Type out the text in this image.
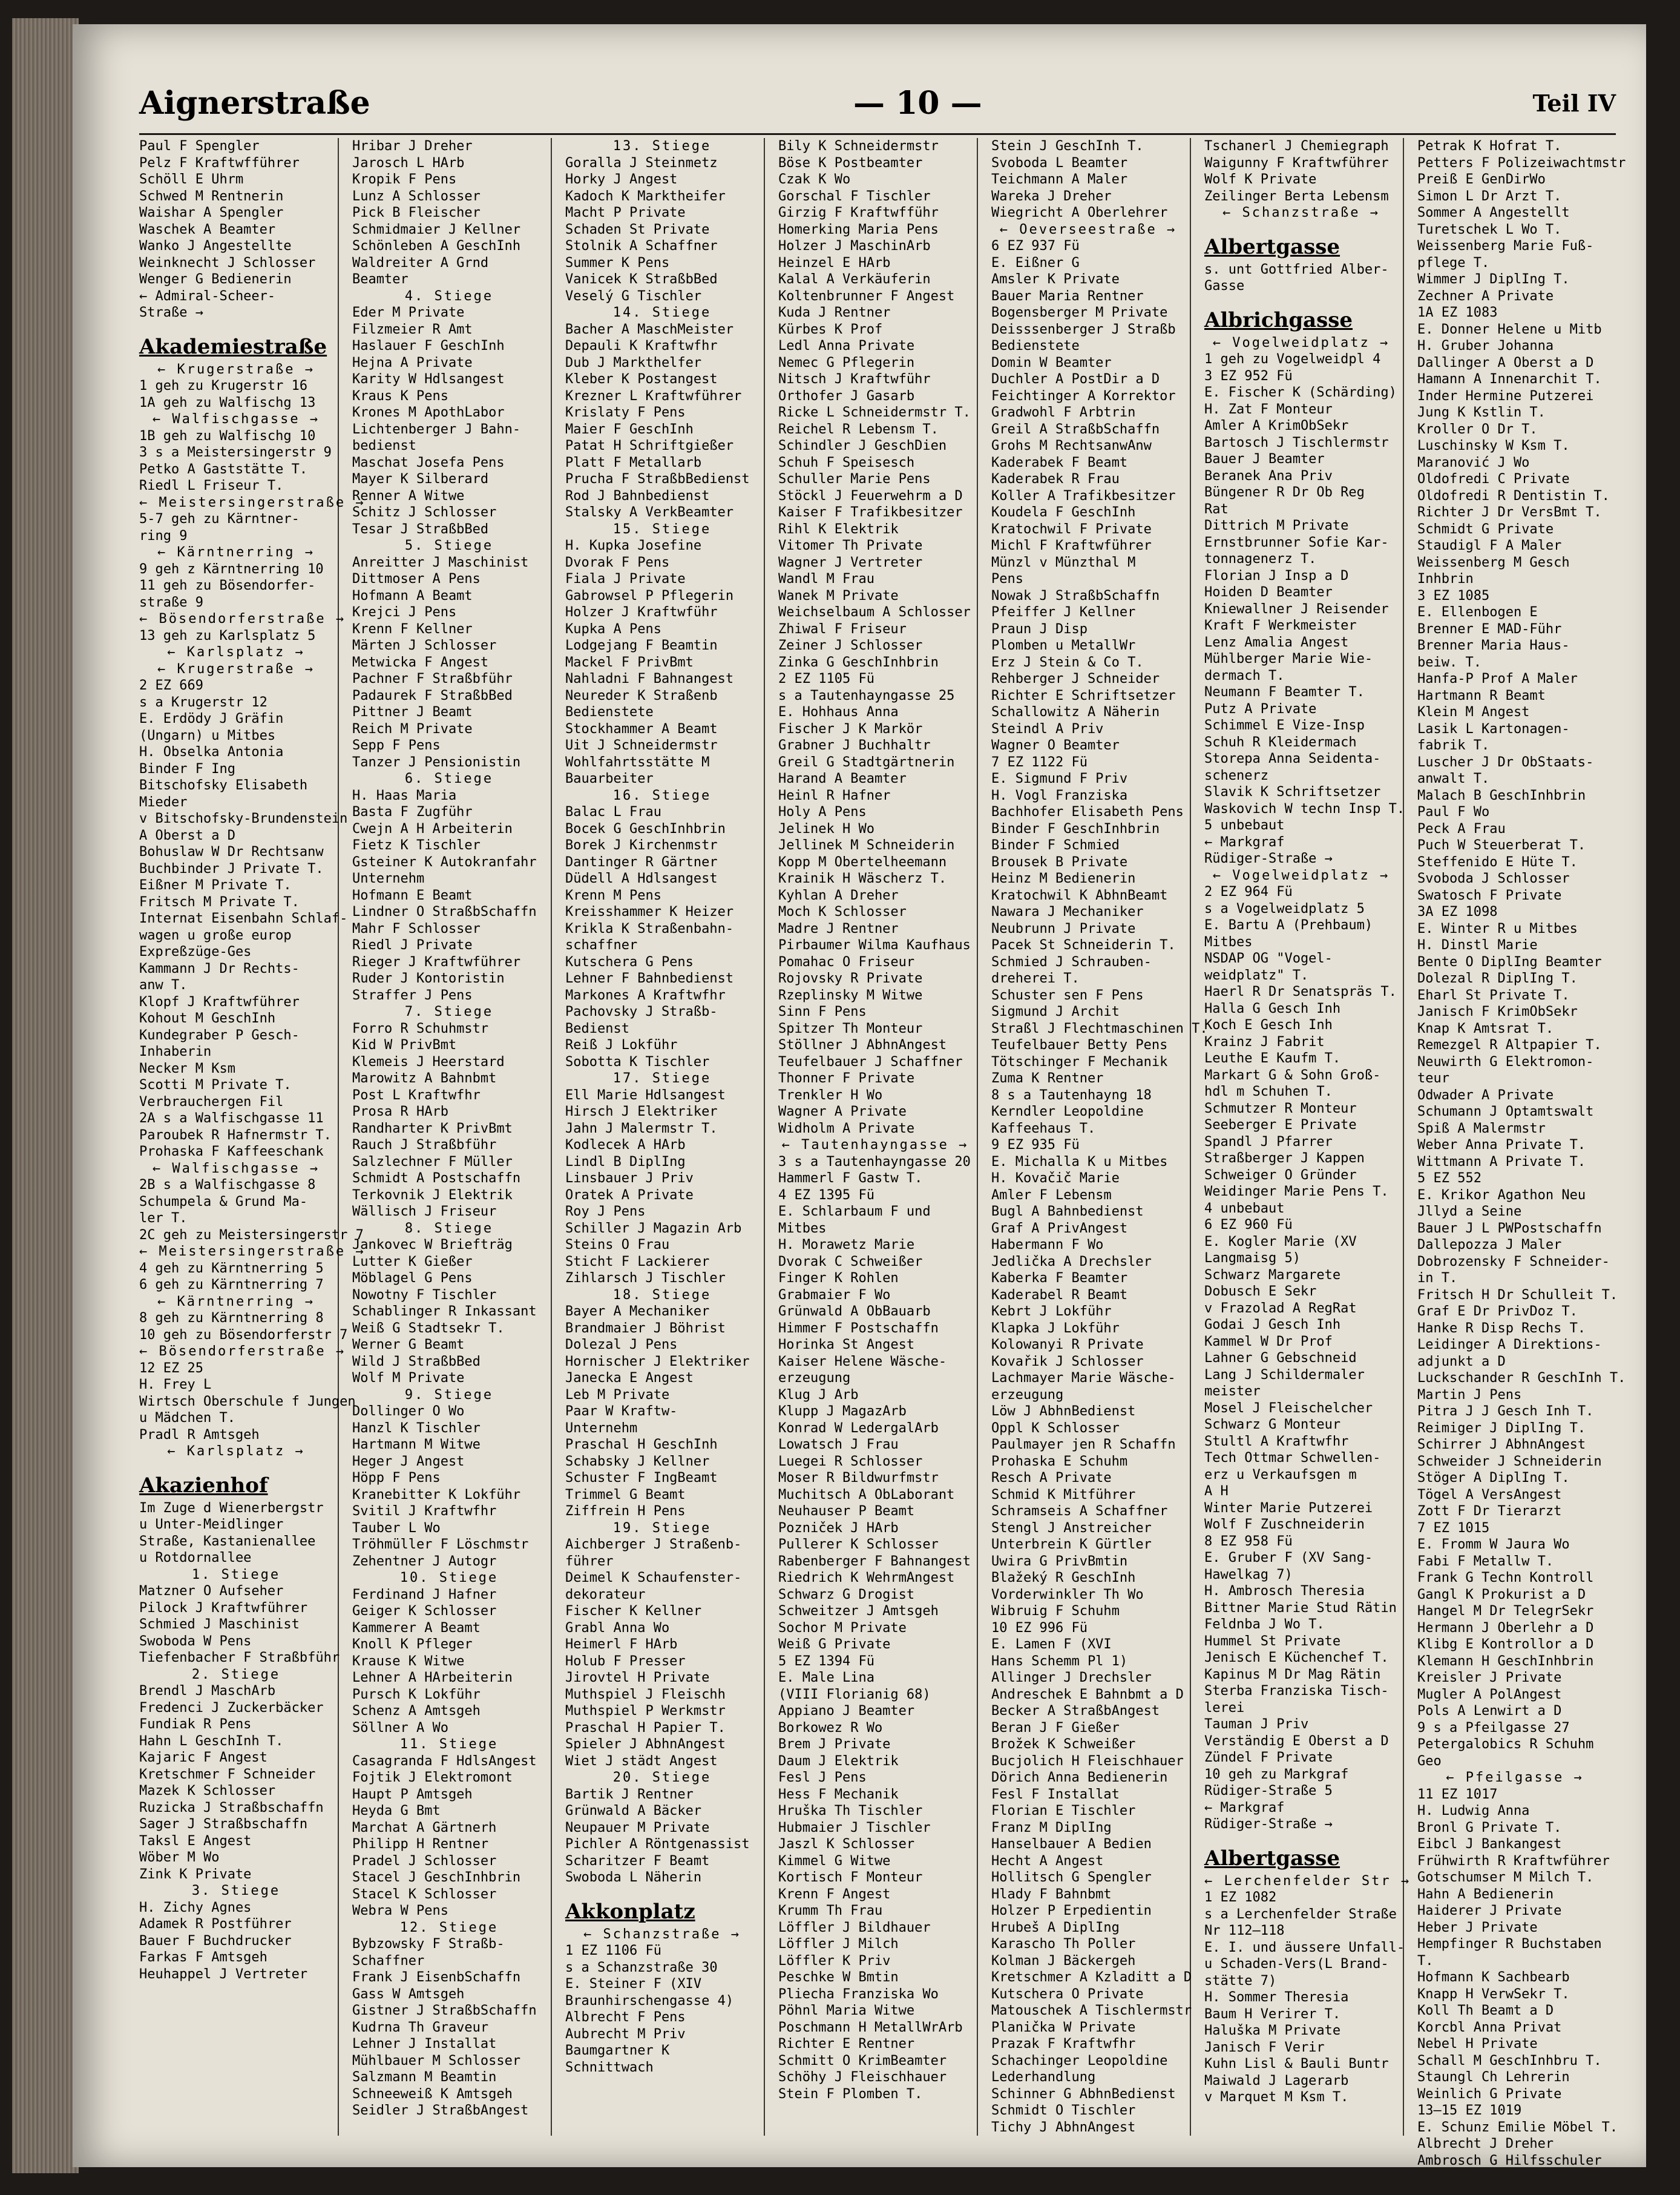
Aignerstraße	— 10 —	Teil IV
Paul F Spengler
Pelz F Kraftwfführer
Schöll E Uhrm
Schwed M Rentnerin
Waishar A Spengler
Waschek A Beamter
Wanko J Angestellte
Weinknecht J Schlosser
Wenger G Bedienerin
← Admiral-Scheer-
Straße →
Akademiestraße
← Krugerstraße →
1 geh zu Krugerstr 16
1A geh zu Walfischg 13
← Walfischgasse →
1B geh zu Walfischg 10
3 s a Meistersingerstr 9
Petko A Gaststätte T.
Riedl L Friseur T.
← Meistersingerstraße →
5-7 geh zu Kärntner-
ring 9
← Kärntnerring →
9 geh z Kärntnerring 10
11 geh zu Bösendorfer-
straße 9
← Bösendorferstraße →
13 geh zu Karlsplatz 5
← Karlsplatz →
← Krugerstraße →
2 EZ 669
s a Krugerstr 12
E. Erdödy J Gräfin
(Ungarn) u Mitbes
H. Obselka Antonia
Binder F Ing
Bitschofsky Elisabeth
Mieder
v Bitschofsky-Brundenstein
A Oberst a D
Bohuslaw W Dr Rechtsanw
Buchbinder J Private T.
Eißner M Private T.
Fritsch M Private T.
Internat Eisenbahn Schlaf-
wagen u große europ
Expreßzüge-Ges
Kammann J Dr Rechts-
anw T.
Klopf J Kraftwführer
Kohout M GeschInh
Kundegraber P Gesch-
Inhaberin
Necker M Ksm
Scotti M Private T.
Verbrauchergen Fil
2A s a Walfischgasse 11
Paroubek R Hafnermstr T.
Prohaska F Kaffeeschank
← Walfischgasse →
2B s a Walfischgasse 8
Schumpela & Grund Ma-
ler T.
2C geh zu Meistersingerstr 7
← Meistersingerstraße →
4 geh zu Kärntnerring 5
6 geh zu Kärntnerring 7
← Kärntnerring →
8 geh zu Kärntnerring 8
10 geh zu Bösendorferstr 7
← Bösendorferstraße →
12 EZ 25
H. Frey L
Wirtsch Oberschule f Jungen
u Mädchen T.
Pradl R Amtsgeh
← Karlsplatz →
Akazienhof
Im Zuge d Wienerbergstr
u Unter-Meidlinger
Straße, Kastanienallee
u Rotdornallee
1. Stiege
Matzner O Aufseher
Pilock J Kraftwführer
Schmied J Maschinist
Swoboda W Pens
Tiefenbacher F Straßbführ
2. Stiege
Brendl J MaschArb
Fredenci J Zuckerbäcker
Fundiak R Pens
Hahn L GeschInh T.
Kajaric F Angest
Kretschmer F Schneider
Mazek K Schlosser
Ruzicka J Straßbschaffn
Sager J Straßbschaffn
Taksl E Angest
Wöber M Wo
Zink K Private
3. Stiege
H. Zichy Agnes
Adamek R Postführer
Bauer F Buchdrucker
Farkas F Amtsgeh
Heuhappel J Vertreter
Hribar J Dreher
Jarosch L HArb
Kropik F Pens
Lunz A Schlosser
Pick B Fleischer
Schmidmaier J Kellner
Schönleben A GeschInh
Waldreiter A Grnd
Beamter
4. Stiege
Eder M Private
Filzmeier R Amt
Haslauer F GeschInh
Hejna A Private
Karity W Hdlsangest
Kraus K Pens
Krones M ApothLabor
Lichtenberger J Bahn-
bedienst
Maschat Josefa Pens
Mayer K Silberard
Renner A Witwe
Schitz J Schlosser
Tesar J StraßbBed
5. Stiege
Anreitter J Maschinist
Dittmoser A Pens
Hofmann A Beamt
Krejci J Pens
Krenn F Kellner
Märten J Schlosser
Metwicka F Angest
Pachner F Straßbführ
Padaurek F StraßbBed
Pittner J Beamt
Reich M Private
Sepp F Pens
Tanzer J Pensionistin
6. Stiege
H. Haas Maria
Basta F Zugführ
Cwejn A H Arbeiterin
Fietz K Tischler
Gsteiner K Autokranfahr
Unternehm
Hofmann E Beamt
Lindner O StraßbSchaffn
Mahr F Schlosser
Riedl J Private
Rieger J Kraftwführer
Ruder J Kontoristin
Straffer J Pens
7. Stiege
Forro R Schuhmstr
Kid W PrivBmt
Klemeis J Heerstard
Marowitz A Bahnbmt
Post L Kraftwfhr
Prosa R HArb
Randharter K PrivBmt
Rauch J Straßbführ
Salzlechner F Müller
Schmidt A Postschaffn
Terkovnik J Elektrik
Wällisch J Friseur
8. Stiege
Jankovec W Briefträg
Lutter K Gießer
Möblagel G Pens
Nowotny F Tischler
Schablinger R Inkassant
Weiß G Stadtsekr T.
Werner G Beamt
Wild J StraßbBed
Wolf M Private
9. Stiege
Dollinger O Wo
Hanzl K Tischler
Hartmann M Witwe
Heger J Angest
Höpp F Pens
Kranebitter K Lokführ
Svitil J Kraftwfhr
Tauber L Wo
Tröhmüller F Löschmstr
Zehentner J Autogr
10. Stiege
Ferdinand J Hafner
Geiger K Schlosser
Kammerer A Beamt
Knoll K Pfleger
Krause K Witwe
Lehner A HArbeiterin
Pursch K Lokführ
Schenz A Amtsgeh
Söllner A Wo
11. Stiege
Casagranda F HdlsAngest
Fojtik J Elektromont
Haupt P Amtsgeh
Heyda G Bmt
Marchat A Gärtnerh
Philipp H Rentner
Pradel J Schlosser
Stacel J GeschInhbrin
Stacel K Schlosser
Webra W Pens
12. Stiege
Bybzowsky F Straßb-
Schaffner
Frank J EisenbSchaffn
Gass W Amtsgeh
Gistner J StraßbSchaffn
Kudrna Th Graveur
Lehner J Installat
Mühlbauer M Schlosser
Salzmann M Beamtin
Schneeweiß K Amtsgeh
Seidler J StraßbAngest
13. Stiege
Goralla J Steinmetz
Horky J Angest
Kadoch K Marktheifer
Macht P Private
Schaden St Private
Stolnik A Schaffner
Summer K Pens
Vanicek K StraßbBed
Veselý G Tischler
14. Stiege
Bacher A MaschMeister
Depauli K Kraftwfhr
Dub J Markthelfer
Kleber K Postangest
Krezner L Kraftwführer
Krislaty F Pens
Maier F GeschInh
Patat H Schriftgießer
Platt F Metallarb
Prucha F StraßbBedienst
Rod J Bahnbedienst
Stalsky A VerkBeamter
15. Stiege
H. Kupka Josefine
Dvorak F Pens
Fiala J Private
Gabrowsel P Pflegerin
Holzer J Kraftwführ
Kupka A Pens
Lodgejang F Beamtin
Mackel F PrivBmt
Nahladni F Bahnangest
Neureder K Straßenb
Bedienstete
Stockhammer A Beamt
Uit J Schneidermstr
Wohlfahrtsstätte M
Bauarbeiter
16. Stiege
Balac L Frau
Bocek G GeschInhbrin
Borek J Kirchenmstr
Dantinger R Gärtner
Düdell A Hdlsangest
Krenn M Pens
Kreisshammer K Heizer
Krikla K Straßenbahn-
schaffner
Kutschera G Pens
Lehner F Bahnbedienst
Markones A Kraftwfhr
Pachovsky J Straßb-
Bedienst
Reiß J Lokführ
Sobotta K Tischler
17. Stiege
Ell Marie Hdlsangest
Hirsch J Elektriker
Jahn J Malermstr T.
Kodlecek A HArb
Lindl B DiplIng
Linsbauer J Priv
Oratek A Private
Roy J Pens
Schiller J Magazin Arb
Steins O Frau
Sticht F Lackierer
Zihlarsch J Tischler
18. Stiege
Bayer A Mechaniker
Brandmaier J Böhrist
Dolezal J Pens
Hornischer J Elektriker
Janecka E Angest
Leb M Private
Paar W Kraftw-
Unternehm
Praschal H GeschInh
Schabsky J Kellner
Schuster F IngBeamt
Trimmel G Beamt
Ziffrein H Pens
19. Stiege
Aichberger J Straßenb-
führer
Deimel K Schaufenster-
dekorateur
Fischer K Kellner
Grabl Anna Wo
Heimerl F HArb
Holub F Presser
Jirovtel H Private
Muthspiel J Fleischh
Muthspiel P Werkmstr
Praschal H Papier T.
Spieler J AbhnAngest
Wiet J städt Angest
20. Stiege
Bartik J Rentner
Grünwald A Bäcker
Neupauer M Private
Pichler A Röntgenassist
Scharitzer F Beamt
Swoboda L Näherin
Akkonplatz
← Schanzstraße →
1 EZ 1106 Fü
s a Schanzstraße 30
E. Steiner F (XIV
Braunhirschengasse 4)
Albrecht F Pens
Aubrecht M Priv
Baumgartner K
Schnittwach
Bily K Schneidermstr
Böse K Postbeamter
Czak K Wo
Gorschal F Tischler
Girzig F Kraftwfführ
Homerking Maria Pens
Holzer J MaschinArb
Heinzel E HArb
Kalal A Verkäuferin
Koltenbrunner F Angest
Kuda J Rentner
Kürbes K Prof
Ledl Anna Private
Nemec G Pflegerin
Nitsch J Kraftwführ
Orthofer J Gasarb
Ricke L Schneidermstr T.
Reichel R Lebensm T.
Schindler J GeschDien
Schuh F Speisesch
Schuller Marie Pens
Stöckl J Feuerwehrm a D
Kaiser F Trafikbesitzer
Rihl K Elektrik
Vitomer Th Private
Wagner J Vertreter
Wandl M Frau
Wanek M Private
Weichselbaum A Schlosser
Zhiwal F Friseur
Zeiner J Schlosser
Zinka G GeschInhbrin
2 EZ 1105 Fü
s a Tautenhayngasse 25
E. Hohhaus Anna
Fischer J K Markör
Grabner J Buchhaltr
Greil G Stadtgärtnerin
Harand A Beamter
Heinl R Hafner
Holy A Pens
Jelinek H Wo
Jellinek M Schneiderin
Kopp M Obertelheemann
Krainik H Wäscherz T.
Kyhlan A Dreher
Moch K Schlosser
Madre J Rentner
Pirbaumer Wilma Kaufhaus
Pomahac O Friseur
Rojovsky R Private
Rzeplinsky M Witwe
Sinn F Pens
Spitzer Th Monteur
Stöllner J AbhnAngest
Teufelbauer J Schaffner
Thonner F Private
Trenkler H Wo
Wagner A Private
Widholm A Private
← Tautenhayngasse →
3 s a Tautenhayngasse 20
Hammerl F Gastw T.
4 EZ 1395 Fü
E. Schlarbaum F und
Mitbes
H. Morawetz Marie
Dvorak C Schweißer
Finger K Rohlen
Grabmaier F Wo
Grünwald A ObBauarb
Himmer F Postschaffn
Horinka St Angest
Kaiser Helene Wäsche-
erzeugung
Klug J Arb
Klupp J MagazArb
Konrad W LedergalArb
Lowatsch J Frau
Luegei R Schlosser
Moser R Bildwurfmstr
Muchitsch A ObLaborant
Neuhauser P Beamt
Pozniček J HArb
Pullerer K Schlosser
Rabenberger F Bahnangest
Riedrich K WehrmAngest
Schwarz G Drogist
Schweitzer J Amtsgeh
Sochor M Private
Weiß G Private
5 EZ 1394 Fü
E. Male Lina
(VIII Florianig 68)
Appiano J Beamter
Borkowez R Wo
Brem J Private
Daum J Elektrik
Fesl J Pens
Hess F Mechanik
Hruška Th Tischler
Hubmaier J Tischler
Jaszl K Schlosser
Kimmel G Witwe
Kortisch F Monteur
Krenn F Angest
Krumm Th Frau
Löffler J Bildhauer
Löffler J Milch
Löffler K Priv
Peschke W Bmtin
Pliecha Franziska Wo
Pöhnl Maria Witwe
Poschmann H MetallWrArb
Richter E Rentner
Schmitt O KrimBeamter
Schöhy J Fleischhauer
Stein F Plomben T.
Stein J GeschInh T.
Svoboda L Beamter
Teichmann A Maler
Wareka J Dreher
Wiegricht A Oberlehrer
← Oeverseestraße →
6 EZ 937 Fü
E. Eißner G
Amsler K Private
Bauer Maria Rentner
Bogensberger M Private
Deisssenberger J Straßb
Bedienstete
Domin W Beamter
Duchler A PostDir a D
Feichtinger A Korrektor
Gradwohl F Arbtrin
Greil A StraßbSchaffn
Grohs M RechtsanwAnw
Kaderabek F Beamt
Kaderabek R Frau
Koller A Trafikbesitzer
Koudela F GeschInh
Kratochwil F Private
Michl F Kraftwführer
Münzl v Münzthal M
Pens
Nowak J StraßbSchaffn
Pfeiffer J Kellner
Praun J Disp
Plomben u MetallWr
Erz J Stein & Co T.
Rehberger J Schneider
Richter E Schriftsetzer
Schallowitz A Näherin
Steindl A Priv
Wagner O Beamter
7 EZ 1122 Fü
E. Sigmund F Priv
H. Vogl Franziska
Bachhofer Elisabeth Pens
Binder F GeschInhbrin
Binder F Schmied
Brousek B Private
Heinz M Bedienerin
Kratochwil K AbhnBeamt
Nawara J Mechaniker
Neubrunn J Private
Pacek St Schneiderin T.
Schmied J Schrauben-
dreherei T.
Schuster sen F Pens
Sigmund J Archit
Straßl J Flechtmaschinen T.
Teufelbauer Betty Pens
Tötschinger F Mechanik
Zuma K Rentner
8 s a Tautenhayng 18
Kerndler Leopoldine
Kaffeehaus T.
9 EZ 935 Fü
E. Michalla K u Mitbes
H. Kovačič Marie
Amler F Lebensm
Bugl A Bahnbedienst
Graf A PrivAngest
Habermann F Wo
Jedlička A Drechsler
Kaberka F Beamter
Kaderabel R Beamt
Kebrt J Lokführ
Klapka J Lokführ
Kolowanyi R Private
Kovařik J Schlosser
Lachmayer Marie Wäsche-
erzeugung
Löw J AbhnBedienst
Oppl K Schlosser
Paulmayer jen R Schaffn
Prohaska E Schuhm
Resch A Private
Schmid K Mitführer
Schramseis A Schaffner
Stengl J Anstreicher
Unterbrein K Gürtler
Uwira G PrivBmtin
Blažeký R GeschInh
Vorderwinkler Th Wo
Wibruig F Schuhm
10 EZ 996 Fü
E. Lamen F (XVI
Hans Schemm Pl 1)
Allinger J Drechsler
Andreschek E Bahnbmt a D
Becker A StraßbAngest
Beran J F Gießer
Brožek K Schweißer
Bucjolich H Fleischhauer
Dörich Anna Bedienerin
Fesl F Installat
Florian E Tischler
Franz M DiplIng
Hanselbauer A Bedien
Hecht A Angest
Hollitsch G Spengler
Hlady F Bahnbmt
Holzer P Erpedientin
Hrubeš A DiplIng
Karascho Th Poller
Kolman J Bäckergeh
Kretschmer A Kzladitt a D
Kutschera O Private
Matouschek A Tischlermstr
Planička W Private
Prazak F Kraftwfhr
Schachinger Leopoldine
Lederhandlung
Schinner G AbhnBedienst
Schmidt O Tischler
Tichy J AbhnAngest
Tschanerl J Chemiegraph
Waigunny F Kraftwführer
Wolf K Private
Zeilinger Berta Lebensm
← Schanzstraße →
Albertgasse
s. unt Gottfried Alber-
Gasse
Albrichgasse
← Vogelweidplatz →
1 geh zu Vogelweidpl 4
3 EZ 952 Fü
E. Fischer K (Schärding)
H. Zat F Monteur
Amler A KrimObSekr
Bartosch J Tischlermstr
Bauer J Beamter
Beranek Ana Priv
Büngener R Dr Ob Reg
Rat
Dittrich M Private
Ernstbrunner Sofie Kar-
tonnagenerz T.
Florian J Insp a D
Hoiden D Beamter
Kniewallner J Reisender
Kraft F Werkmeister
Lenz Amalia Angest
Mühlberger Marie Wie-
dermach T.
Neumann F Beamter T.
Putz A Private
Schimmel E Vize-Insp
Schuh R Kleidermach
Storepa Anna Seidenta-
schenerz
Slavik K Schriftsetzer
Waskovich W techn Insp T.
5 unbebaut
← Markgraf
Rüdiger-Straße →
← Vogelweidplatz →
2 EZ 964 Fü
s a Vogelweidplatz 5
E. Bartu A (Prehbaum)
Mitbes
NSDAP OG "Vogel-
weidplatz" T.
Haerl R Dr Senatspräs T.
Halla G Gesch Inh
Koch E Gesch Inh
Krainz J Fabrit
Leuthe E Kaufm T.
Markart G & Sohn Groß-
hdl m Schuhen T.
Schmutzer R Monteur
Seeberger E Private
Spandl J Pfarrer
Straßberger J Kappen
Schweiger O Gründer
Weidinger Marie Pens T.
4 unbebaut
6 EZ 960 Fü
E. Kogler Marie (XV
Langmaisg 5)
Schwarz Margarete
Dobusch E Sekr
v Frazolad A RegRat
Godai J Gesch Inh
Kammel W Dr Prof
Lahner G Gebschneid
Lang J Schildermaler
meister
Mosel J Fleischelcher
Schwarz G Monteur
Stultl A Kraftwfhr
Tech Ottmar Schwellen-
erz u Verkaufsgen m
A H
Winter Marie Putzerei
Wolf F Zuschneiderin
8 EZ 958 Fü
E. Gruber F (XV Sang-
Hawelkag 7)
H. Ambrosch Theresia
Bittner Marie Stud Rätin
Feldnba J Wo T.
Hummel St Private
Jenisch E Küchenchef T.
Kapinus M Dr Mag Rätin
Sterba Franziska Tisch-
lerei
Tauman J Priv
Verständig E Oberst a D
Zündel F Private
10 geh zu Markgraf
Rüdiger-Straße 5
← Markgraf
Rüdiger-Straße →
Albertgasse
← Lerchenfelder Str →
1 EZ 1082
s a Lerchenfelder Straße
Nr 112—118
E. I. und äussere Unfall-
u Schaden-Vers(L Brand-
stätte 7)
H. Sommer Theresia
Baum H Verirer T.
Haluška M Private
Janisch F Verir
Kuhn Lisl & Bauli Buntr
Maiwald J Lagerarb
v Marquet M Ksm T.
Petrak K Hofrat T.
Petters F Polizeiwachtmstr
Preiß E GenDirWo
Simon L Dr Arzt T.
Sommer A Angestellt
Turetschek L Wo T.
Weissenberg Marie Fuß-
pflege T.
Wimmer J DiplIng T.
Zechner A Private
1A EZ 1083
E. Donner Helene u Mitb
H. Gruber Johanna
Dallinger A Oberst a D
Hamann A Innenarchit T.
Inder Hermine Putzerei
Jung K Kstlin T.
Kroller O Dr T.
Luschinsky W Ksm T.
Maranović J Wo
Oldofredi C Private
Oldofredi R Dentistin T.
Richter J Dr VersBmt T.
Schmidt G Private
Staudigl F A Maler
Weissenberg M Gesch
Inhbrin
3 EZ 1085
E. Ellenbogen E
Brenner E MAD-Führ
Brenner Maria Haus-
beiw. T.
Hanfa-P Prof A Maler
Hartmann R Beamt
Klein M Angest
Lasik L Kartonagen-
fabrik T.
Luscher J Dr ObStaats-
anwalt T.
Malach B GeschInhbrin
Paul F Wo
Peck A Frau
Puch W Steuerberat T.
Steffenido E Hüte T.
Svoboda J Schlosser
Swatosch F Private
3A EZ 1098
E. Winter R u Mitbes
H. Dinstl Marie
Bente O DiplIng Beamter
Dolezal R DiplIng T.
Eharl St Private T.
Janisch F KrimObSekr
Knap K Amtsrat T.
Remezgel R Altpapier T.
Neuwirth G Elektromon-
teur
Odwader A Private
Schumann J Optamtswalt
Spiß A Malermstr
Weber Anna Private T.
Wittmann A Private T.
5 EZ 552
E. Krikor Agathon Neu
Jllyd a Seine
Bauer J L PWPostschaffn
Dallepozza J Maler
Dobrozensky F Schneider-
in T.
Fritsch H Dr Schulleit T.
Graf E Dr PrivDoz T.
Hanke R Disp Rechs T.
Leidinger A Direktions-
adjunkt a D
Luckschander R GeschInh T.
Martin J Pens
Pitra J J Gesch Inh T.
Reimiger J DiplIng T.
Schirrer J AbhnAngest
Schweider J Schneiderin
Stöger A DiplIng T.
Tögel A VersAngest
Zott F Dr Tierarzt
7 EZ 1015
E. Fromm W Jaura Wo
Fabi F Metallw T.
Frank G Techn Kontroll
Gangl K Prokurist a D
Hangel M Dr TelegrSekr
Hermann J Oberlehr a D
Klibg E Kontrollor a D
Klemann H GeschInhbrin
Kreisler J Private
Mugler A PolAngest
Pols A Lenwirt a D
9 s a Pfeilgasse 27
Petergalobics R Schuhm
Geo
← Pfeilgasse →
11 EZ 1017
H. Ludwig Anna
Bronl G Private T.
Eibcl J Bankangest
Frühwirth R Kraftwführer
Gotschumser M Milch T.
Hahn A Bedienerin
Haiderer J Private
Heber J Private
Hempfinger R Buchstaben
T.
Hofmann K Sachbearb
Knapp H VerwSekr T.
Koll Th Beamt a D
Korcbl Anna Privat
Nebel H Private
Schall M GeschInhbru T.
Staungl Ch Lehrerin
Weinlich G Private
13—15 EZ 1019
E. Schunz Emilie Möbel T.
Albrecht J Dreher
Ambrosch G Hilfsschuler
